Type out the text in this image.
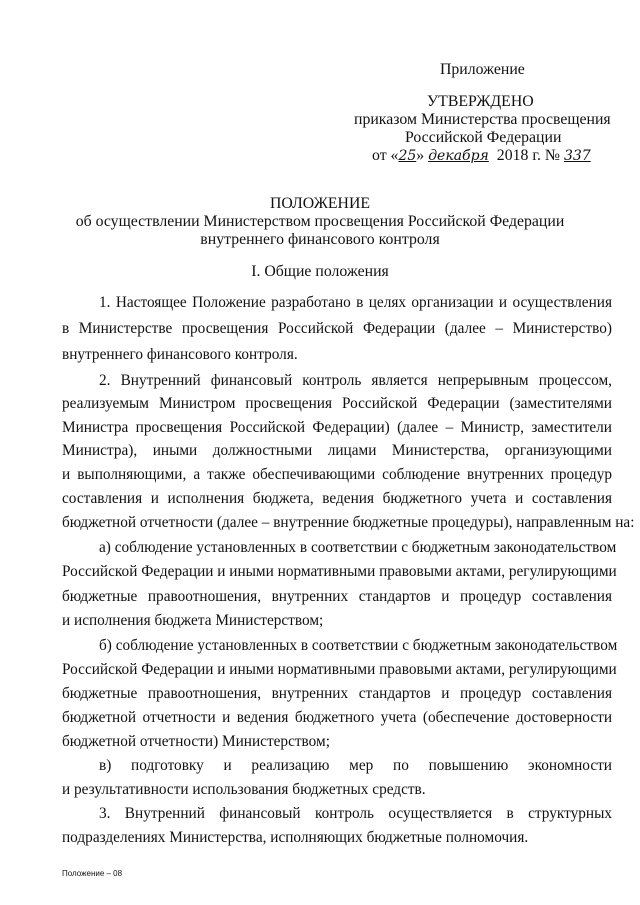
Приложение
УТВЕРЖДЕНО
приказом Министерства просвещения
Российской Федерации
от «25» декабря 2018 г. № 337
ПОЛОЖЕНИЕ
об осуществлении Министерством просвещения Российской Федерации
внутреннего финансового контроля
I. Общие положения
1. Настоящее Положение разработано в целях организации и осуществления
в Министерстве просвещения Российской Федерации (далее – Министерство)
внутреннего финансового контроля.
2. Внутренний финансовый контроль является непрерывным процессом,
реализуемым Министром просвещения Российской Федерации (заместителями
Министра просвещения Российской Федерации) (далее – Министр, заместители
Министра), иными должностными лицами Министерства, организующими
и выполняющими, а также обеспечивающими соблюдение внутренних процедур
составления и исполнения бюджета, ведения бюджетного учета и составления
бюджетной отчетности (далее – внутренние бюджетные процедуры), направленным на:
а) соблюдение установленных в соответствии с бюджетным законодательством
Российской Федерации и иными нормативными правовыми актами, регулирующими
бюджетные правоотношения, внутренних стандартов и процедур составления
и исполнения бюджета Министерством;
б) соблюдение установленных в соответствии с бюджетным законодательством
Российской Федерации и иными нормативными правовыми актами, регулирующими
бюджетные правоотношения, внутренних стандартов и процедур составления
бюджетной отчетности и ведения бюджетного учета (обеспечение достоверности
бюджетной отчетности) Министерством;
в) подготовку и реализацию мер по повышению экономности
и результативности использования бюджетных средств.
3. Внутренний финансовый контроль осуществляется в структурных
подразделениях Министерства, исполняющих бюджетные полномочия.
Положение – 08
